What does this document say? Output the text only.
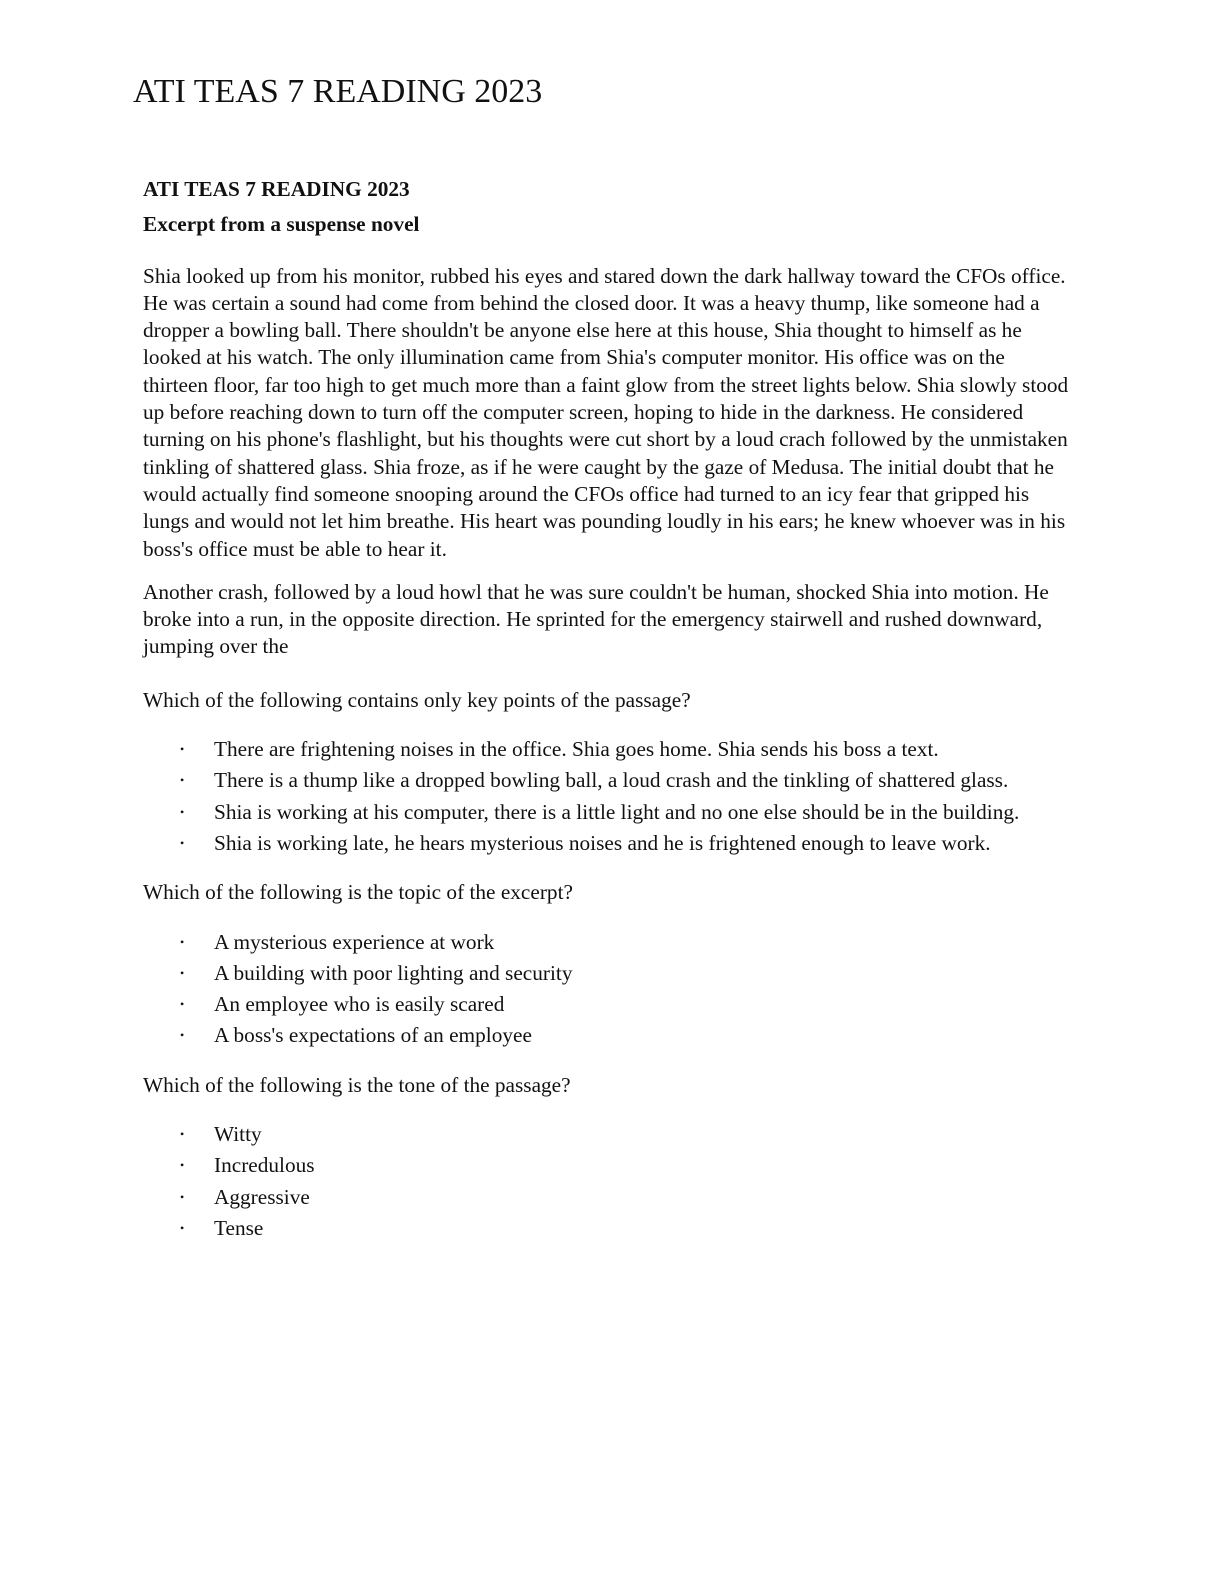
ATI TEAS 7 READING 2023

ATI TEAS 7 READING 2023

Excerpt from a suspense novel

Shia looked up from his monitor, rubbed his eyes and stared down the dark hallway toward the CFOs office. He was certain a sound had come from behind the closed door. It was a heavy thump, like someone had a dropper a bowling ball. There shouldn't be anyone else here at this house, Shia thought to himself as he looked at his watch. The only illumination came from Shia's computer monitor. His office was on the thirteen floor, far too high to get much more than a faint glow from the street lights below. Shia slowly stood up before reaching down to turn off the computer screen, hoping to hide in the darkness. He considered turning on his phone's flashlight, but his thoughts were cut short by a loud crach followed by the unmistaken tinkling of shattered glass. Shia froze, as if he were caught by the gaze of Medusa. The initial doubt that he would actually find someone snooping around the CFOs office had turned to an icy fear that gripped his lungs and would not let him breathe. His heart was pounding loudly in his ears; he knew whoever was in his boss's office must be able to hear it.

Another crash, followed by a loud howl that he was sure couldn't be human, shocked Shia into motion. He broke into a run, in the opposite direction. He sprinted for the emergency stairwell and rushed downward, jumping over the

Which of the following contains only key points of the passage?

• There are frightening noises in the office. Shia goes home. Shia sends his boss a text.
• There is a thump like a dropped bowling ball, a loud crash and the tinkling of shattered glass.
• Shia is working at his computer, there is a little light and no one else should be in the building.
• Shia is working late, he hears mysterious noises and he is frightened enough to leave work.

Which of the following is the topic of the excerpt?

• A mysterious experience at work
• A building with poor lighting and security
• An employee who is easily scared
• A boss's expectations of an employee

Which of the following is the tone of the passage?

• Witty
• Incredulous
• Aggressive
• Tense
